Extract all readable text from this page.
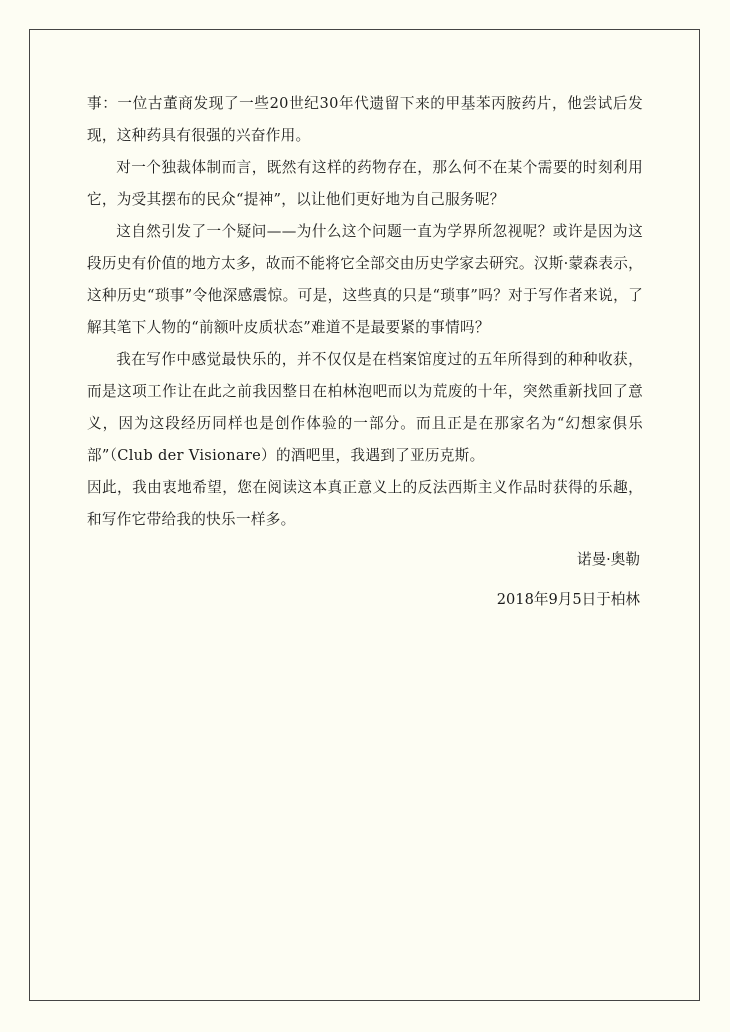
事：一位古董商发现了一些20世纪30年代遗留下来的甲基苯丙胺药片，他尝试后发现，这种药具有很强的兴奋作用。

对一个独裁体制而言，既然有这样的药物存在，那么何不在某个需要的时刻利用它，为受其摆布的民众“提神”，以让他们更好地为自己服务呢？

这自然引发了一个疑问——为什么这个问题一直为学界所忽视呢？或许是因为这段历史有价值的地方太多，故而不能将它全部交由历史学家去研究。汉斯·蒙森表示，这种历史“琐事”令他深感震惊。可是，这些真的只是“琐事”吗？对于写作者来说，了解其笔下人物的“前额叶皮质状态”难道不是最要紧的事情吗？

我在写作中感觉最快乐的，并不仅仅是在档案馆度过的五年所得到的种种收获，而是这项工作让在此之前我因整日在柏林泡吧而以为荒废的十年，突然重新找回了意义，因为这段经历同样也是创作体验的一部分。而且正是在那家名为“幻想家俱乐部”（Club der Visionare）的酒吧里，我遇到了亚历克斯。

因此，我由衷地希望，您在阅读这本真正意义上的反法西斯主义作品时获得的乐趣，和写作它带给我的快乐一样多。

诺曼·奥勒

2018年9月5日于柏林
